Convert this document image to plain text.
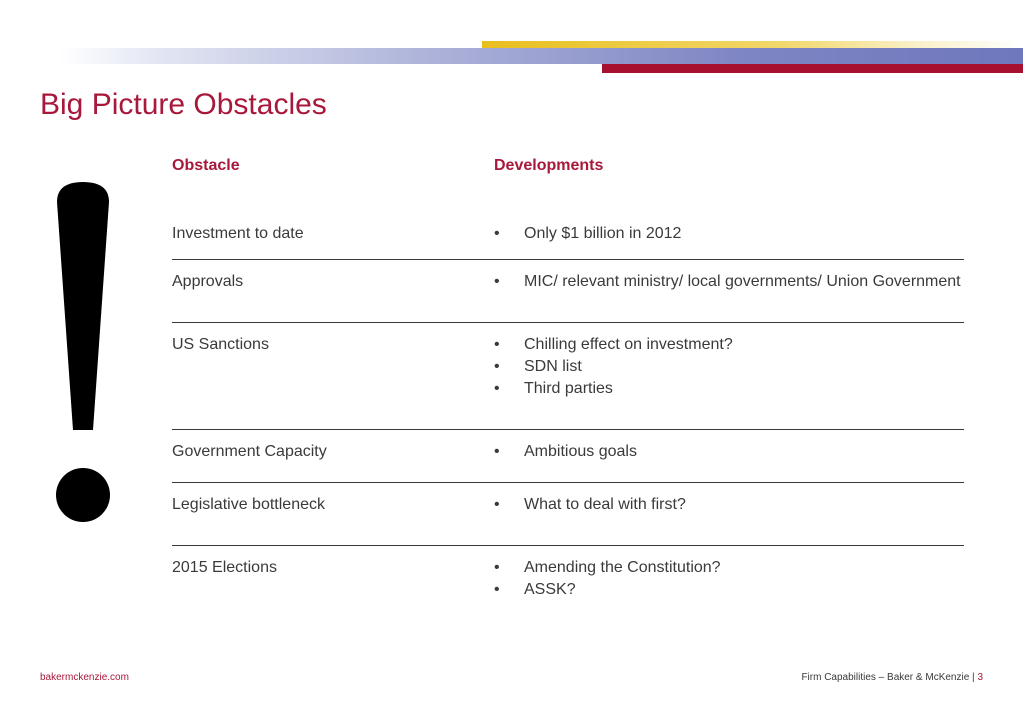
Big Picture Obstacles
Obstacle	Developments
Investment to date	• Only $1 billion in 2012
Approvals	• MIC/ relevant ministry/ local governments/ Union Government
US Sanctions	• Chilling effect on investment?
• SDN list
• Third parties
Government Capacity	• Ambitious goals
Legislative bottleneck	• What to deal with first?
2015 Elections	• Amending the Constitution?
• ASSK?
bakermckenzie.com	Firm Capabilities – Baker & McKenzie | 3
